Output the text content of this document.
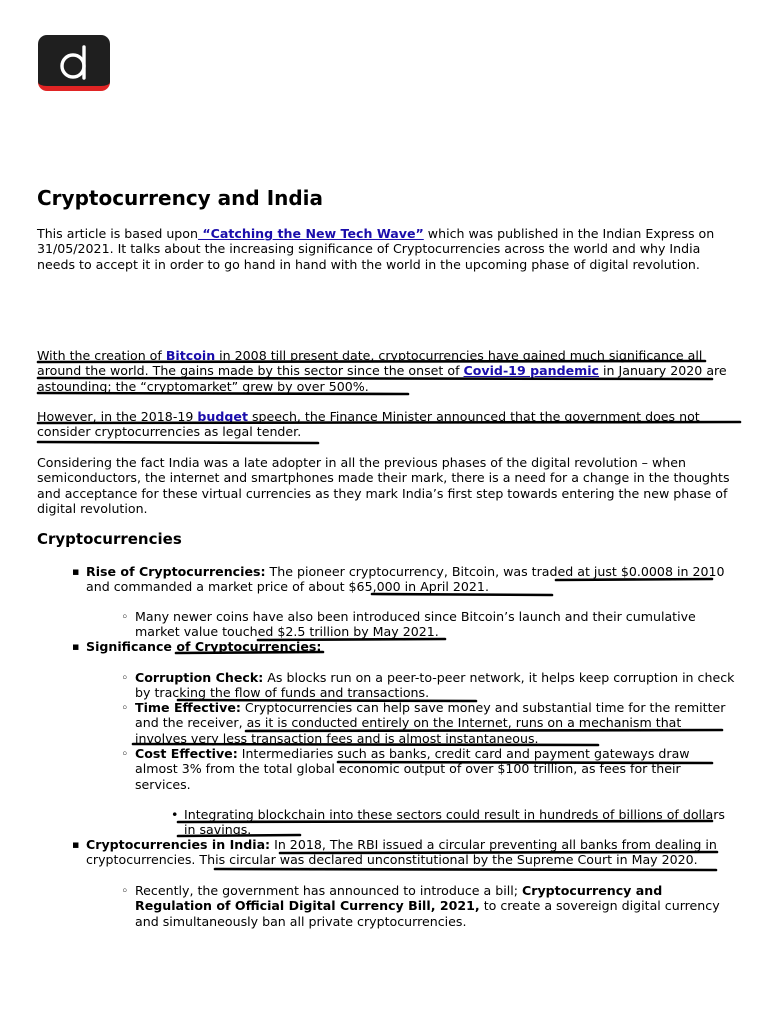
Cryptocurrency and India

This article is based upon “Catching the New Tech Wave” which was published in the Indian Express on 31/05/2021. It talks about the increasing significance of Cryptocurrencies across the world and why India needs to accept it in order to go hand in hand with the world in the upcoming phase of digital revolution.

With the creation of Bitcoin in 2008 till present date, cryptocurrencies have gained much significance all around the world. The gains made by this sector since the onset of Covid-19 pandemic in January 2020 are astounding; the “cryptomarket” grew by over 500%.

However, in the 2018-19 budget speech, the Finance Minister announced that the government does not consider cryptocurrencies as legal tender.

Considering the fact India was a late adopter in all the previous phases of the digital revolution – when semiconductors, the internet and smartphones made their mark, there is a need for a change in the thoughts and acceptance for these virtual currencies as they mark India’s first step towards entering the new phase of digital revolution.

Cryptocurrencies
▪ Rise of Cryptocurrencies: The pioneer cryptocurrency, Bitcoin, was traded at just $0.0008 in 2010 and commanded a market price of about $65,000 in April 2021.
◦ Many newer coins have also been introduced since Bitcoin’s launch and their cumulative market value touched $2.5 trillion by May 2021.
▪ Significance of Cryptocurrencies:
◦ Corruption Check: As blocks run on a peer-to-peer network, it helps keep corruption in check by tracking the flow of funds and transactions.
◦ Time Effective: Cryptocurrencies can help save money and substantial time for the remitter and the receiver, as it is conducted entirely on the Internet, runs on a mechanism that involves very less transaction fees and is almost instantaneous.
◦ Cost Effective: Intermediaries such as banks, credit card and payment gateways draw almost 3% from the total global economic output of over $100 trillion, as fees for their services.
• Integrating blockchain into these sectors could result in hundreds of billions of dollars in savings.
▪ Cryptocurrencies in India: In 2018, The RBI issued a circular preventing all banks from dealing in cryptocurrencies. This circular was declared unconstitutional by the Supreme Court in May 2020.
◦ Recently, the government has announced to introduce a bill; Cryptocurrency and Regulation of Official Digital Currency Bill, 2021, to create a sovereign digital currency and simultaneously ban all private cryptocurrencies.
